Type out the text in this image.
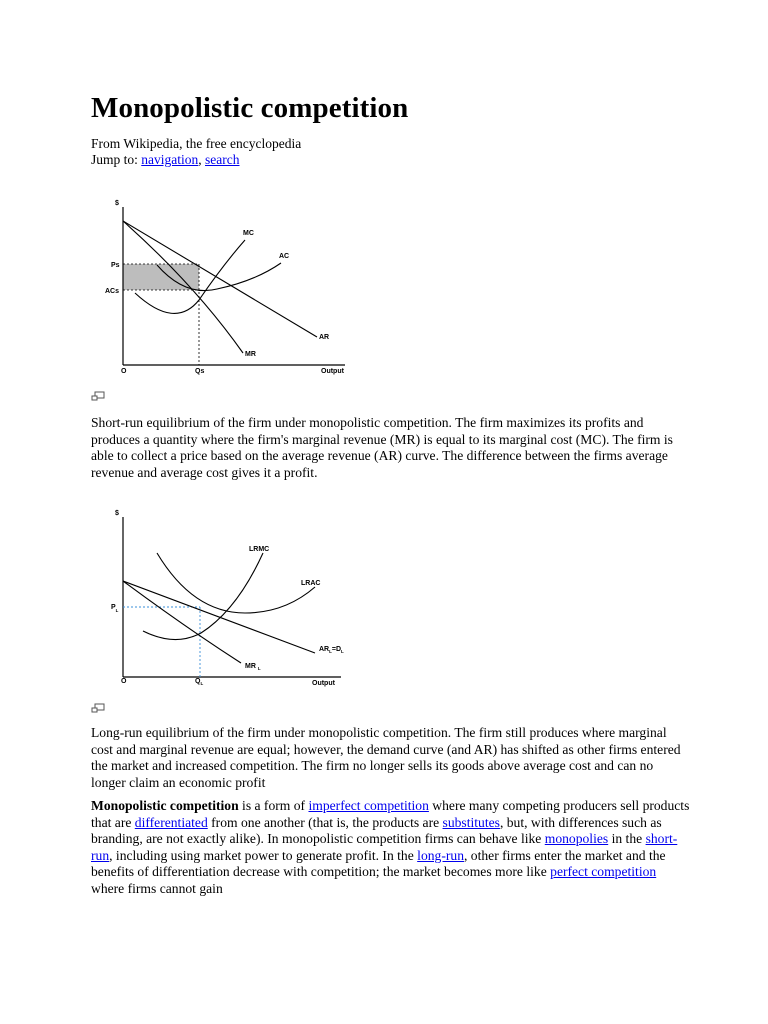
Monopolistic competition
From Wikipedia, the free encyclopedia
Jump to: navigation, search
$
Ps
ACs
O	Qs	Output
MC
AC
AR
MR
Short-run equilibrium of the firm under monopolistic competition. The firm maximizes its profits and produces a quantity where the firm's marginal revenue (MR) is equal to its marginal cost (MC). The firm is able to collect a price based on the average revenue (AR) curve. The difference between the firms average revenue and average cost gives it a profit.
$
$P_L$
O	$Q_L$	Output
LRMC
LRAC
$AR_L=D_L$
MR $_L$
Long-run equilibrium of the firm under monopolistic competition. The firm still produces where marginal cost and marginal revenue are equal; however, the demand curve (and AR) has shifted as other firms entered the market and increased competition. The firm no longer sells its goods above average cost and can no longer claim an economic profit
Monopolistic competition is a form of imperfect competition where many competing producers sell products that are differentiated from one another (that is, the products are substitutes, but, with differences such as branding, are not exactly alike). In monopolistic competition firms can behave like monopolies in the short-run, including using market power to generate profit. In the long-run, other firms enter the market and the benefits of differentiation decrease with competition; the market becomes more like perfect competition where firms cannot gain
